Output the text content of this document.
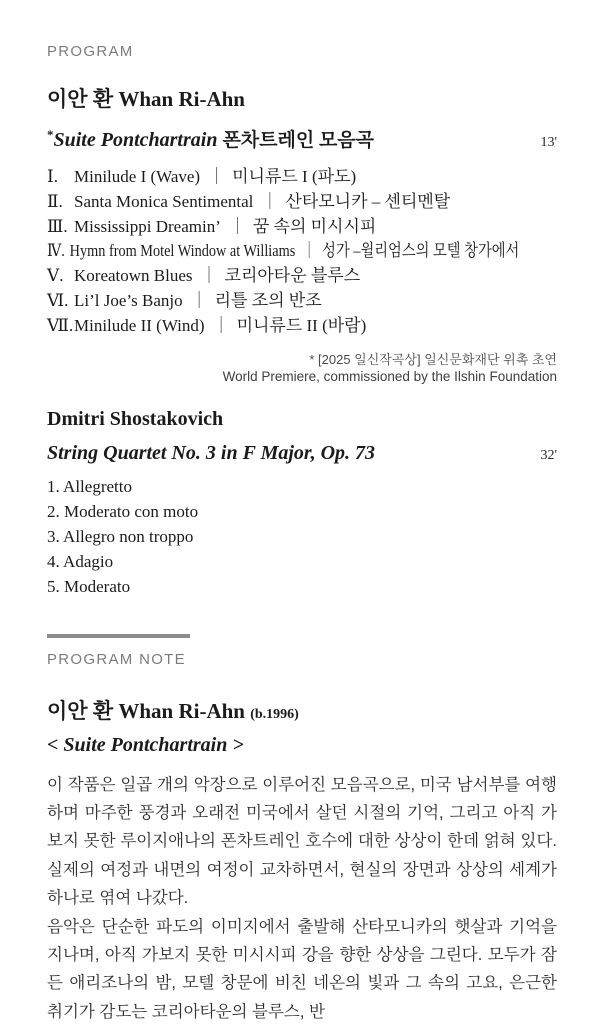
PROGRAM
이안 환 Whan Ri-Ahn
*Suite Pontchartrain 폰차트레인 모음곡	13'
Ⅰ. Minilude I (Wave) ｜ 미니류드 I (파도)
Ⅱ. Santa Monica Sentimental ｜ 산타모니카 – 센티멘탈
Ⅲ. Mississippi Dreamin’ ｜ 꿈 속의 미시시피
Ⅳ. Hymn from Motel Window at Williams ｜ 성가 –윌리엄스의 모텔 창가에서
Ⅴ. Koreatown Blues ｜ 코리아타운 블루스
Ⅵ. Li’l Joe’s Banjo ｜ 리틀 조의 반조
Ⅶ.Minilude II (Wind) ｜ 미니류드 II (바람)
* [2025 일신작곡상] 일신문화재단 위촉 초연
World Premiere, commissioned by the Ilshin Foundation
Dmitri Shostakovich
String Quartet No. 3 in F Major, Op. 73	32'
1. Allegretto
2. Moderato con moto
3. Allegro non troppo
4. Adagio
5. Moderato
PROGRAM NOTE
이안 환 Whan Ri-Ahn (b.1996)
< Suite Pontchartrain >

이 작품은 일곱 개의 악장으로 이루어진 모음곡으로, 미국 남서부를 여행하며 마주한 풍경과 오래전 미국에서 살던 시절의 기억, 그리고 아직 가보지 못한 루이지애나의 폰차트레인 호수에 대한 상상이 한데 얽혀 있다. 실제의 여정과 내면의 여정이 교차하면서, 현실의 장면과 상상의 세계가 하나로 엮여 나갔다.

음악은 단순한 파도의 이미지에서 출발해 산타모니카의 햇살과 기억을 지나며, 아직 가보지 못한 미시시피 강을 향한 상상을 그린다. 모두가 잠든 애리조나의 밤, 모텔 창문에 비친 네온의 빛과 그 속의 고요, 은근한 취기가 감도는 코리아타운의 블루스, 반
